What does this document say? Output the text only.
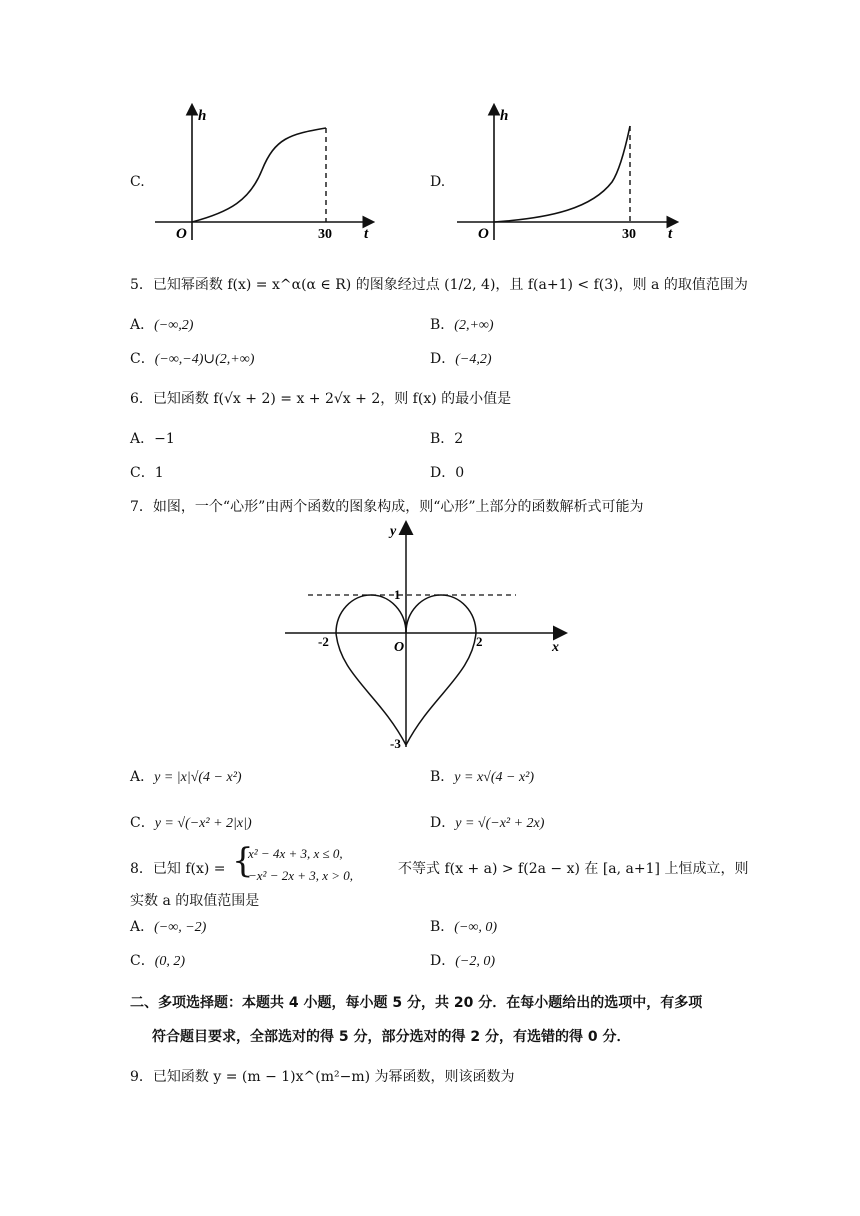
C.
h
O	30 t
D.
h
O	30 t
5．已知幂函数 f(x) = x^α(α ∈ R) 的图象经过点 (1/2, 4)，且 f(a+1) < f(3)，则 a 的取值范围为
A．(−∞,2)	B．(2,+∞)
C．(−∞,−4)∪(2,+∞)	D．(−4,2)
6．已知函数 f(√x + 2) = x + 2√x + 2，则 f(x) 的最小值是
A．−1	B．2
C．1	D．0
7．如图，一个“心形”由两个函数的图象构成，则“心形”上部分的函数解析式可能为
y
x
O
-2	2
1
-3
A．y = |x|√(4 − x²)	B．y = x√(4 − x²)
C．y = √(−x² + 2|x|)	D．y = √(−x² + 2x)
8．已知 f(x) = {
x² − 4x + 3, x ≤ 0,
−x² − 2x + 3, x > 0,	不等式 f(x + a) > f(2a − x) 在 [a, a+1] 上恒成立，则
实数 a 的取值范围是
A．(−∞, −2)	B．(−∞, 0)
C．(0, 2)	D．(−2, 0)
二、多项选择题：本题共 4 小题，每小题 5 分，共 20 分．在每小题给出的选项中，有多项
符合题目要求，全部选对的得 5 分，部分选对的得 2 分，有选错的得 0 分．
9．已知函数 y = (m − 1)x^(m²−m) 为幂函数，则该函数为
